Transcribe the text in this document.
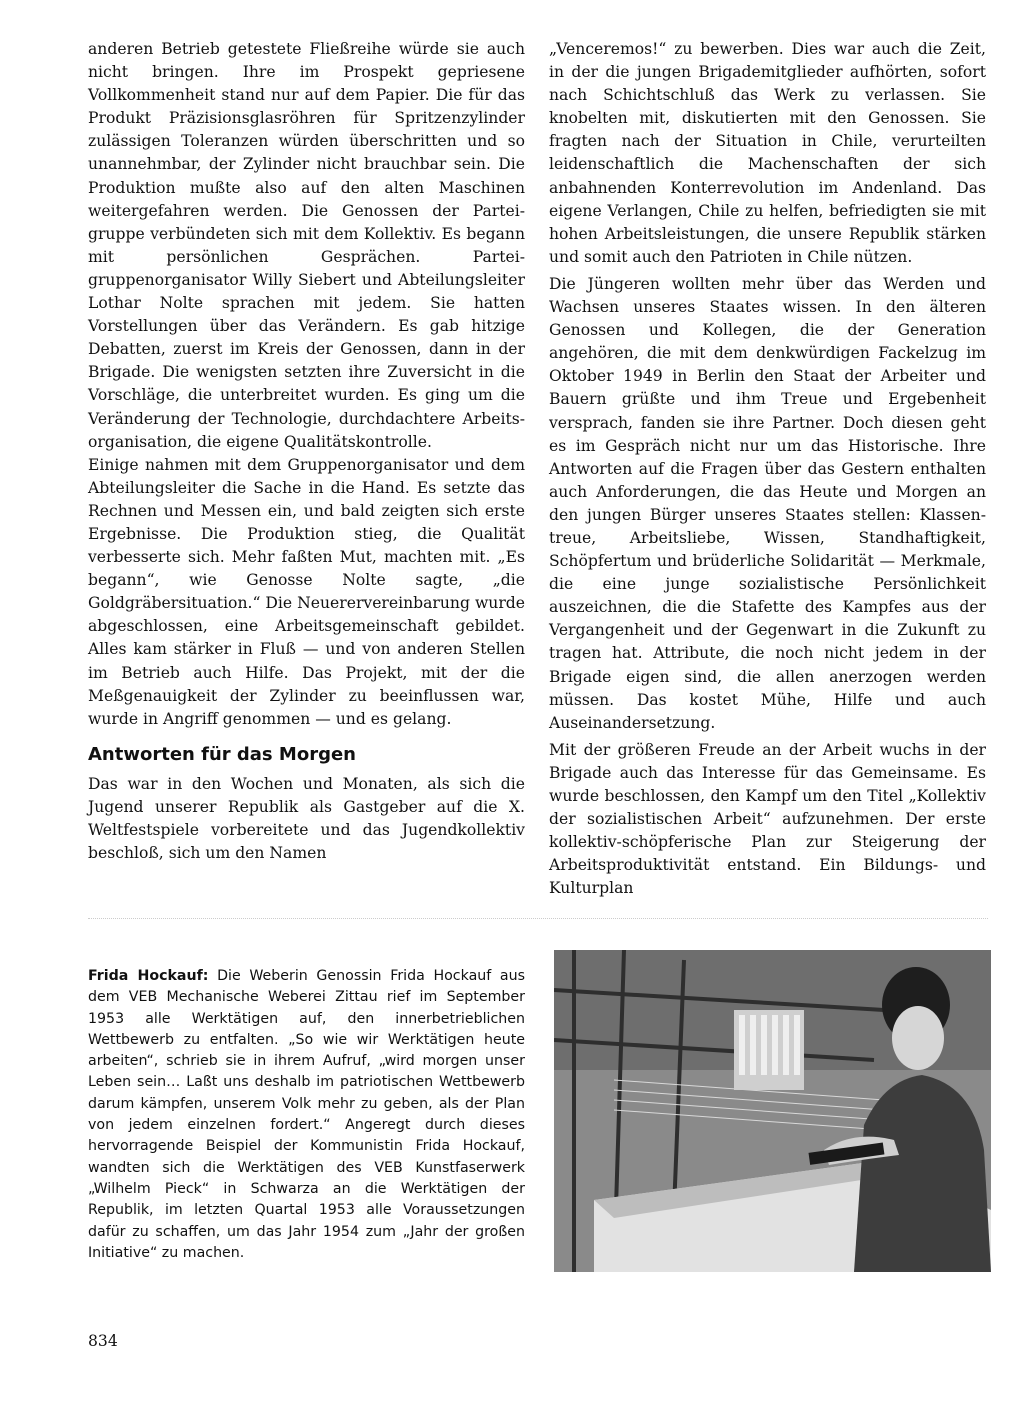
anderen Betrieb getestete Fließreihe würde sie auch nicht bringen. Ihre im Prospekt gepriesene Vollkommenheit stand nur auf dem Papier. Die für das Produkt Präzisionsglasröhren für Spritzenzylinder zulässigen Toleranzen würden überschritten und so unannehmbar, der Zylinder nicht brauchbar sein. Die Produktion mußte also auf den alten Maschinen weitergefahren werden. Die Genossen der Parteigruppe verbündeten sich mit dem Kollektiv. Es begann mit persönlichen Gesprächen. Parteigruppenorganisator Willy Siebert und Abteilungsleiter Lothar Nolte sprachen mit jedem. Sie hatten Vorstellungen über das Verändern. Es gab hitzige Debatten, zuerst im Kreis der Genossen, dann in der Brigade. Die wenigsten setzten ihre Zuversicht in die Vorschläge, die unterbreitet wurden. Es ging um die Veränderung der Technologie, durchdachtere Arbeitsorganisation, die eigene Qualitätskontrolle.

Einige nahmen mit dem Gruppenorganisator und dem Abteilungsleiter die Sache in die Hand. Es setzte das Rechnen und Messen ein, und bald zeigten sich erste Ergebnisse. Die Produktion stieg, die Qualität verbesserte sich. Mehr faßten Mut, machten mit. „Es begann“, wie Genosse Nolte sagte, „die Goldgräbersituation.“ Die Neuerervereinbarung wurde abgeschlossen, eine Arbeitsgemeinschaft gebildet. Alles kam stärker in Fluß — und von anderen Stellen im Betrieb auch Hilfe. Das Projekt, mit der die Meßgenauigkeit der Zylinder zu beeinflussen war, wurde in Angriff genommen — und es gelang.

Antworten für das Morgen

Das war in den Wochen und Monaten, als sich die Jugend unserer Republik als Gastgeber auf die X. Weltfestspiele vorbereitete und das Jugendkollektiv beschloß, sich um den Namen

„Venceremos!“ zu bewerben. Dies war auch die Zeit, in der die jungen Brigademitglieder aufhörten, sofort nach Schichtschluß das Werk zu verlassen. Sie knobelten mit, diskutierten mit den Genossen. Sie fragten nach der Situation in Chile, verurteilten leidenschaftlich die Machenschaften der sich anbahnenden Konterrevolution im Andenland. Das eigene Verlangen, Chile zu helfen, befriedigten sie mit hohen Arbeitsleistungen, die unsere Republik stärken und somit auch den Patrioten in Chile nützen.

Die Jüngeren wollten mehr über das Werden und Wachsen unseres Staates wissen. In den älteren Genossen und Kollegen, die der Generation angehören, die mit dem denkwürdigen Fackelzug im Oktober 1949 in Berlin den Staat der Arbeiter und Bauern grüßte und ihm Treue und Ergebenheit versprach, fanden sie ihre Partner. Doch diesen geht es im Gespräch nicht nur um das Historische. Ihre Antworten auf die Fragen über das Gestern enthalten auch Anforderungen, die das Heute und Morgen an den jungen Bürger unseres Staates stellen: Klassentreue, Arbeitsliebe, Wissen, Standhaftigkeit, Schöpfertum und brüderliche Solidarität — Merkmale, die eine junge sozialistische Persönlichkeit auszeichnen, die die Stafette des Kampfes aus der Vergangenheit und der Gegenwart in die Zukunft zu tragen hat. Attribute, die noch nicht jedem in der Brigade eigen sind, die allen anerzogen werden müssen. Das kostet Mühe, Hilfe und auch Auseinandersetzung.

Mit der größeren Freude an der Arbeit wuchs in der Brigade auch das Interesse für das Gemeinsame. Es wurde beschlossen, den Kampf um den Titel „Kollektiv der sozialistischen Arbeit“ aufzunehmen. Der erste kollektiv-schöpferische Plan zur Steigerung der Arbeitsproduktivität entstand. Ein Bildungs- und Kulturplan

Frida Hockauf: Die Weberin Genossin Frida Hockauf aus dem VEB Mechanische Weberei Zittau rief im September 1953 alle Werktätigen auf, den innerbetrieblichen Wettbewerb zu entfalten. „So wie wir Werktätigen heute arbeiten“, schrieb sie in ihrem Aufruf, „wird morgen unser Leben sein… Laßt uns deshalb im patriotischen Wettbewerb darum kämpfen, unserem Volk mehr zu geben, als der Plan von jedem einzelnen fordert.“ Angeregt durch dieses hervorragende Beispiel der Kommunistin Frida Hockauf, wandten sich die Werktätigen des VEB Kunstfaserwerk „Wilhelm Pieck“ in Schwarza an die Werktätigen der Republik, im letzten Quartal 1953 alle Voraussetzungen dafür zu schaffen, um das Jahr 1954 zum „Jahr der großen Initiative“ zu machen.
834
